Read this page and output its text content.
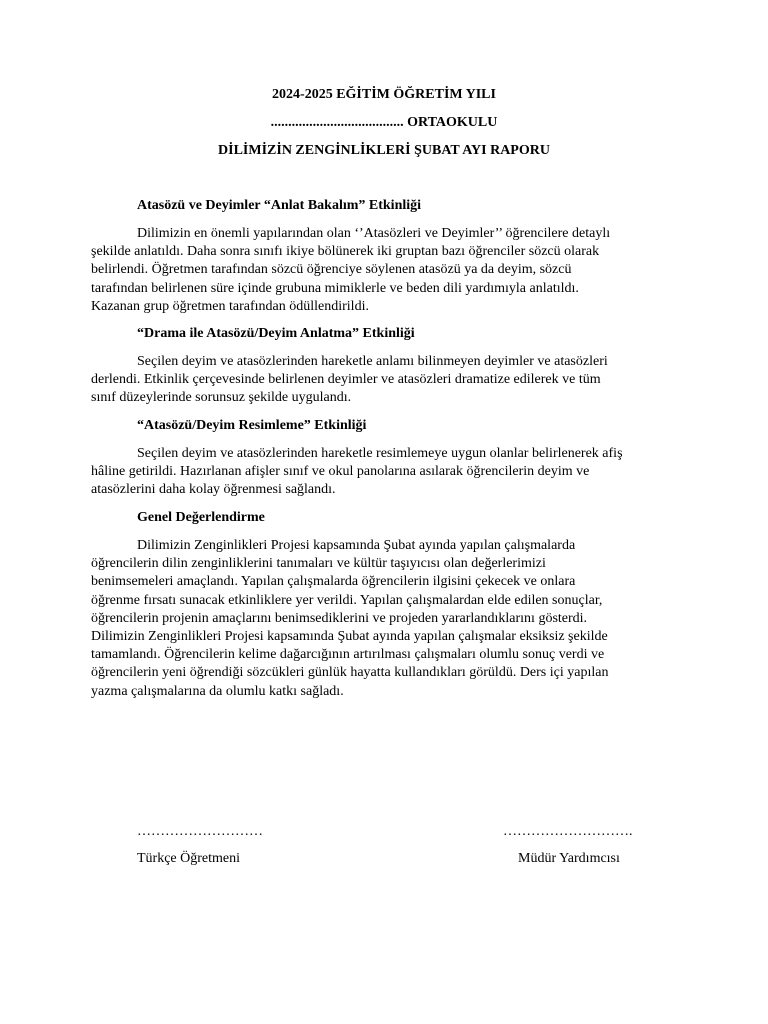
2024-2025 EĞİTİM ÖĞRETİM YILI
...................................... ORTAOKULU
DİLİMİZİN ZENGİNLİKLERİ ŞUBAT AYI RAPORU
Atasözü ve Deyimler “Anlat Bakalım” Etkinliği
Dilimizin en önemli yapılarından olan ‘’Atasözleri ve Deyimler’’ öğrencilere detaylı
şekilde anlatıldı. Daha sonra sınıfı ikiye bölünerek iki gruptan bazı öğrenciler sözcü olarak
belirlendi. Öğretmen tarafından sözcü öğrenciye söylenen atasözü ya da deyim, sözcü
tarafından belirlenen süre içinde grubuna mimiklerle ve beden dili yardımıyla anlatıldı.
Kazanan grup öğretmen tarafından ödüllendirildi.
“Drama ile Atasözü/Deyim Anlatma” Etkinliği
Seçilen deyim ve atasözlerinden hareketle anlamı bilinmeyen deyimler ve atasözleri
derlendi. Etkinlik çerçevesinde belirlenen deyimler ve atasözleri dramatize edilerek ve tüm
sınıf düzeylerinde sorunsuz şekilde uygulandı.
“Atasözü/Deyim Resimleme” Etkinliği
Seçilen deyim ve atasözlerinden hareketle resimlemeye uygun olanlar belirlenerek afiş
hâline getirildi. Hazırlanan afişler sınıf ve okul panolarına asılarak öğrencilerin deyim ve
atasözlerini daha kolay öğrenmesi sağlandı.
Genel Değerlendirme
Dilimizin Zenginlikleri Projesi kapsamında Şubat ayında yapılan çalışmalarda
öğrencilerin dilin zenginliklerini tanımaları ve kültür taşıyıcısı olan değerlerimizi
benimsemeleri amaçlandı. Yapılan çalışmalarda öğrencilerin ilgisini çekecek ve onlara
öğrenme fırsatı sunacak etkinliklere yer verildi. Yapılan çalışmalardan elde edilen sonuçlar,
öğrencilerin projenin amaçlarını benimsediklerini ve projeden yararlandıklarını gösterdi.
Dilimizin Zenginlikleri Projesi kapsamında Şubat ayında yapılan çalışmalar eksiksiz şekilde
tamamlandı. Öğrencilerin kelime dağarcığının artırılması çalışmaları olumlu sonuç verdi ve
öğrencilerin yeni öğrendiği sözcükleri günlük hayatta kullandıkları görüldü. Ders içi yapılan
yazma çalışmalarına da olumlu katkı sağladı.
………………………
Türkçe Öğretmeni
……………………….
Müdür Yardımcısı
